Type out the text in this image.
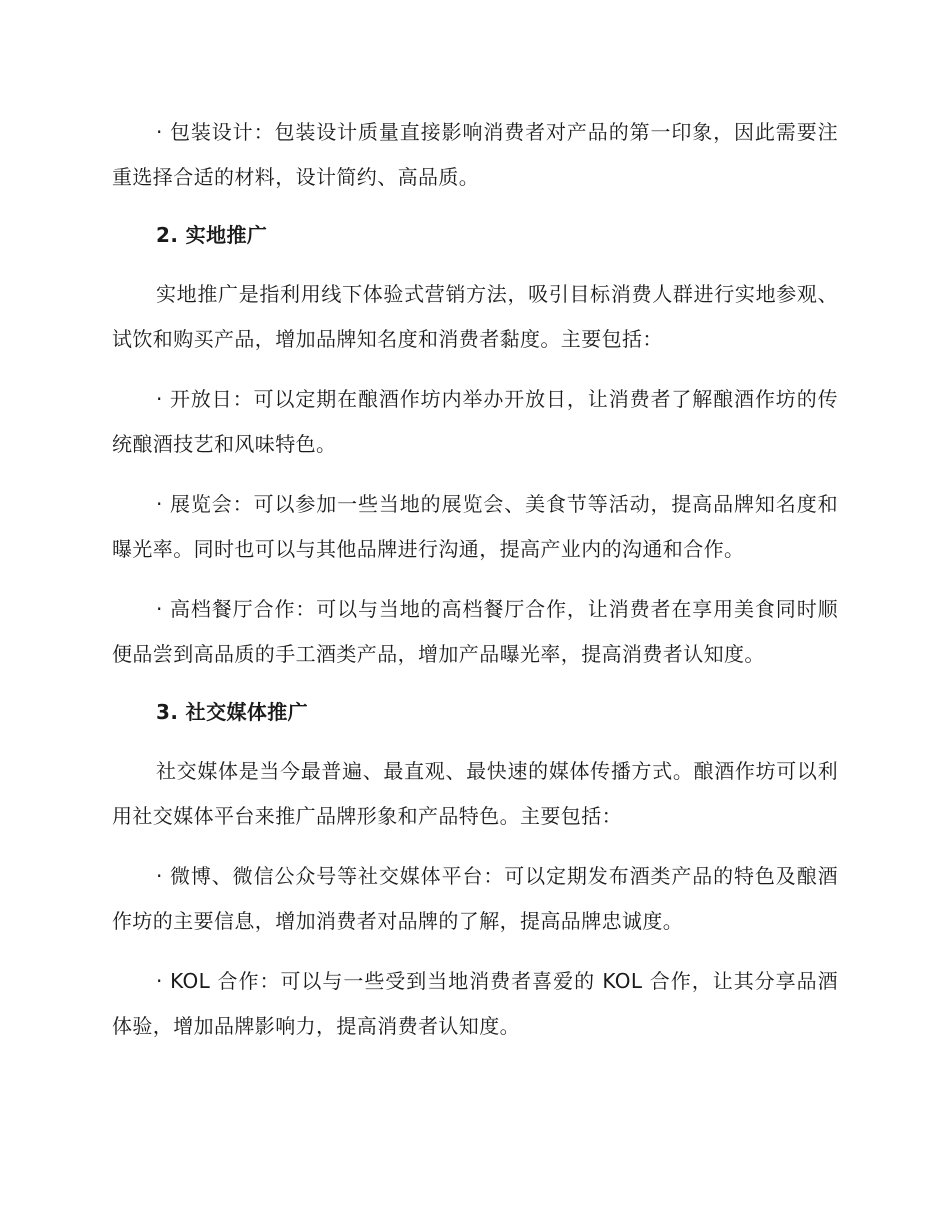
· 包装设计：包装设计质量直接影响消费者对产品的第一印象，因此需要注重选择合适的材料，设计简约、高品质。

2. 实地推广

实地推广是指利用线下体验式营销方法，吸引目标消费人群进行实地参观、试饮和购买产品，增加品牌知名度和消费者黏度。主要包括：

· 开放日：可以定期在酿酒作坊内举办开放日，让消费者了解酿酒作坊的传统酿酒技艺和风味特色。

· 展览会：可以参加一些当地的展览会、美食节等活动，提高品牌知名度和曝光率。同时也可以与其他品牌进行沟通，提高产业内的沟通和合作。

· 高档餐厅合作：可以与当地的高档餐厅合作，让消费者在享用美食同时顺便品尝到高品质的手工酒类产品，增加产品曝光率，提高消费者认知度。

3. 社交媒体推广

社交媒体是当今最普遍、最直观、最快速的媒体传播方式。酿酒作坊可以利用社交媒体平台来推广品牌形象和产品特色。主要包括：

· 微博、微信公众号等社交媒体平台：可以定期发布酒类产品的特色及酿酒作坊的主要信息，增加消费者对品牌的了解，提高品牌忠诚度。

· KOL 合作：可以与一些受到当地消费者喜爱的 KOL 合作，让其分享品酒体验，增加品牌影响力，提高消费者认知度。
